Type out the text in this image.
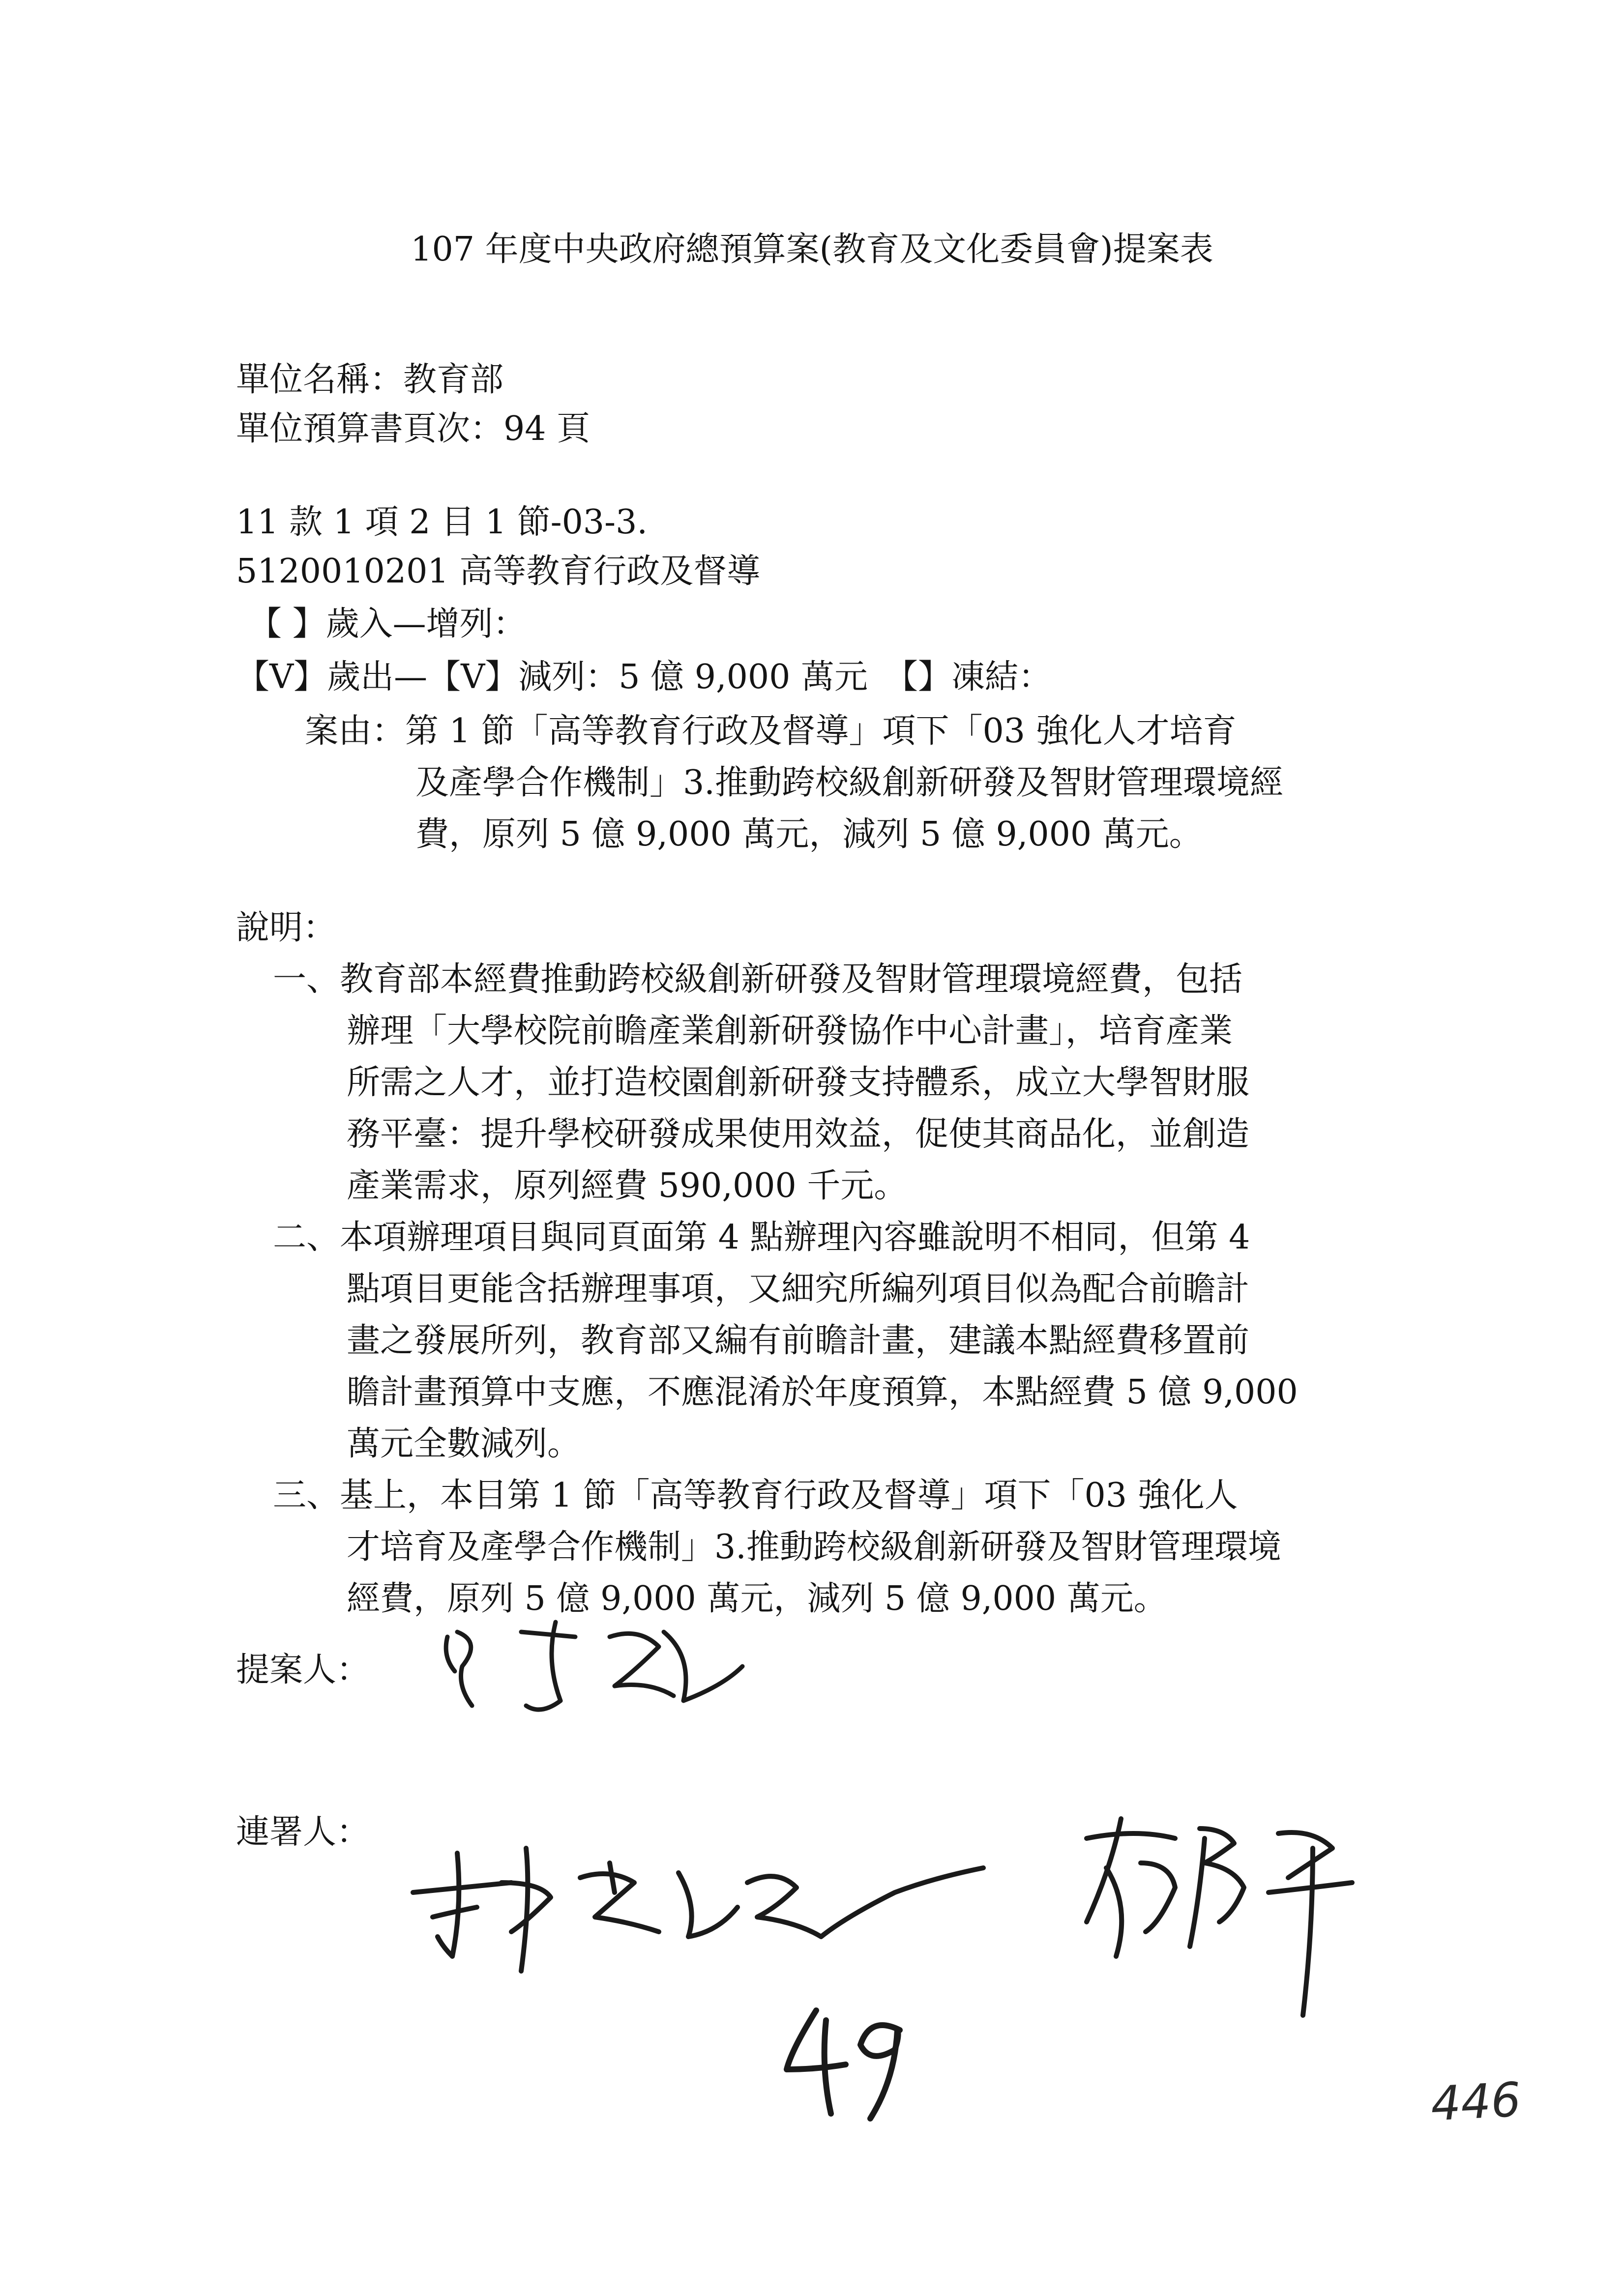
107 年度中央政府總預算案(教育及文化委員會)提案表
單位名稱：教育部
單位預算書頁次：94 頁
11 款 1 項 2 目 1 節-03-3.
5120010201 高等教育行政及督導
【 】歲入—增列：
【V】歲出—【V】減列：5 億 9,000 萬元　【】凍結：
案由：第 1 節「高等教育行政及督導」項下「03 強化人才培育
及產學合作機制」3.推動跨校級創新研發及智財管理環境經
費，原列 5 億 9,000 萬元，減列 5 億 9,000 萬元。
說明：
一、教育部本經費推動跨校級創新研發及智財管理環境經費，包括
辦理「大學校院前瞻產業創新研發協作中心計畫」，培育產業
所需之人才，並打造校園創新研發支持體系，成立大學智財服
務平臺：提升學校研發成果使用效益，促使其商品化，並創造
產業需求，原列經費 590,000 千元。
二、本項辦理項目與同頁面第 4 點辦理內容雖說明不相同，但第 4
點項目更能含括辦理事項，又細究所編列項目似為配合前瞻計
畫之發展所列，教育部又編有前瞻計畫，建議本點經費移置前
瞻計畫預算中支應，不應混淆於年度預算，本點經費 5 億 9,000
萬元全數減列。
三、基上，本目第 1 節「高等教育行政及督導」項下「03 強化人
才培育及產學合作機制」3.推動跨校級創新研發及智財管理環境
經費，原列 5 億 9,000 萬元，減列 5 億 9,000 萬元。
提案人：
連署人：
446
